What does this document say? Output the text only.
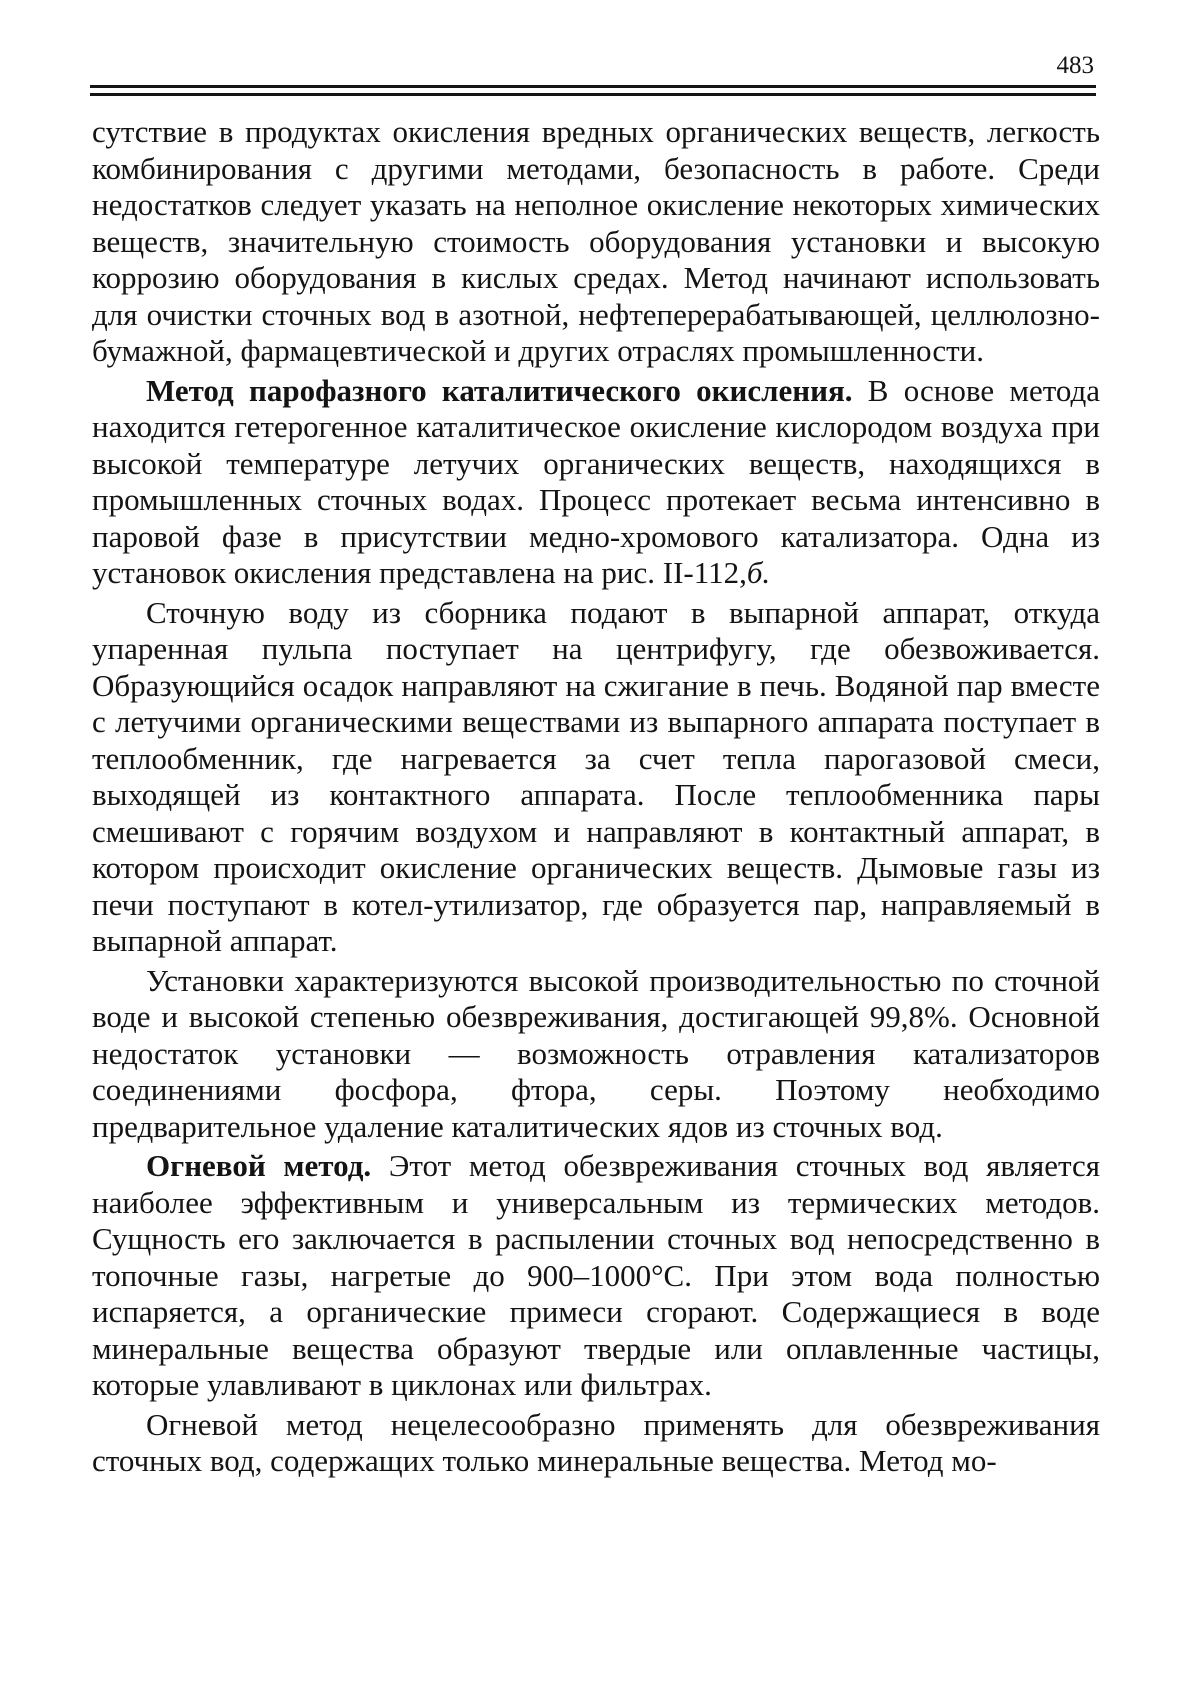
483

сутствие в продуктах окисления вредных органических веществ, легкость комбинирования с другими методами, безопасность в работе. Среди недостатков следует указать на неполное окисление некоторых химических веществ, значительную стоимость оборудования установки и высокую коррозию оборудования в кислых средах. Метод начинают использовать для очистки сточных вод в азотной, нефтеперерабатывающей, целлюлозно-бумажной, фармацевтической и других отраслях промышленности.

Метод парофазного каталитического окисления. В основе метода находится гетерогенное каталитическое окисление кислородом воздуха при высокой температуре летучих органических веществ, находящихся в промышленных сточных водах. Процесс протекает весьма интенсивно в паровой фазе в присутствии медно-хромового катализатора. Одна из установок окисления представлена на рис. II-112,б.

Сточную воду из сборника подают в выпарной аппарат, откуда упаренная пульпа поступает на центрифугу, где обезвоживается. Образующийся осадок направляют на сжигание в печь. Водяной пар вместе с летучими органическими веществами из выпарного аппарата поступает в теплообменник, где нагревается за счет тепла парогазовой смеси, выходящей из контактного аппарата. После теплообменника пары смешивают с горячим воздухом и направляют в контактный аппарат, в котором происходит окисление органических веществ. Дымовые газы из печи поступают в котел-утилизатор, где образуется пар, направляемый в выпарной аппарат.

Установки характеризуются высокой производительностью по сточной воде и высокой степенью обезвреживания, достигающей 99,8%. Основной недостаток установки — возможность отравления катализаторов соединениями фосфора, фтора, серы. Поэтому необходимо предварительное удаление каталитических ядов из сточных вод.

Огневой метод. Этот метод обезвреживания сточных вод является наиболее эффективным и универсальным из термических методов. Сущность его заключается в распылении сточных вод непосредственно в топочные газы, нагретые до 900–1000°C. При этом вода полностью испаряется, а органические примеси сгорают. Содержащиеся в воде минеральные вещества образуют твердые или оплавленные частицы, которые улавливают в циклонах или фильтрах.

Огневой метод нецелесообразно применять для обезвреживания сточных вод, содержащих только минеральные вещества. Метод мо-
